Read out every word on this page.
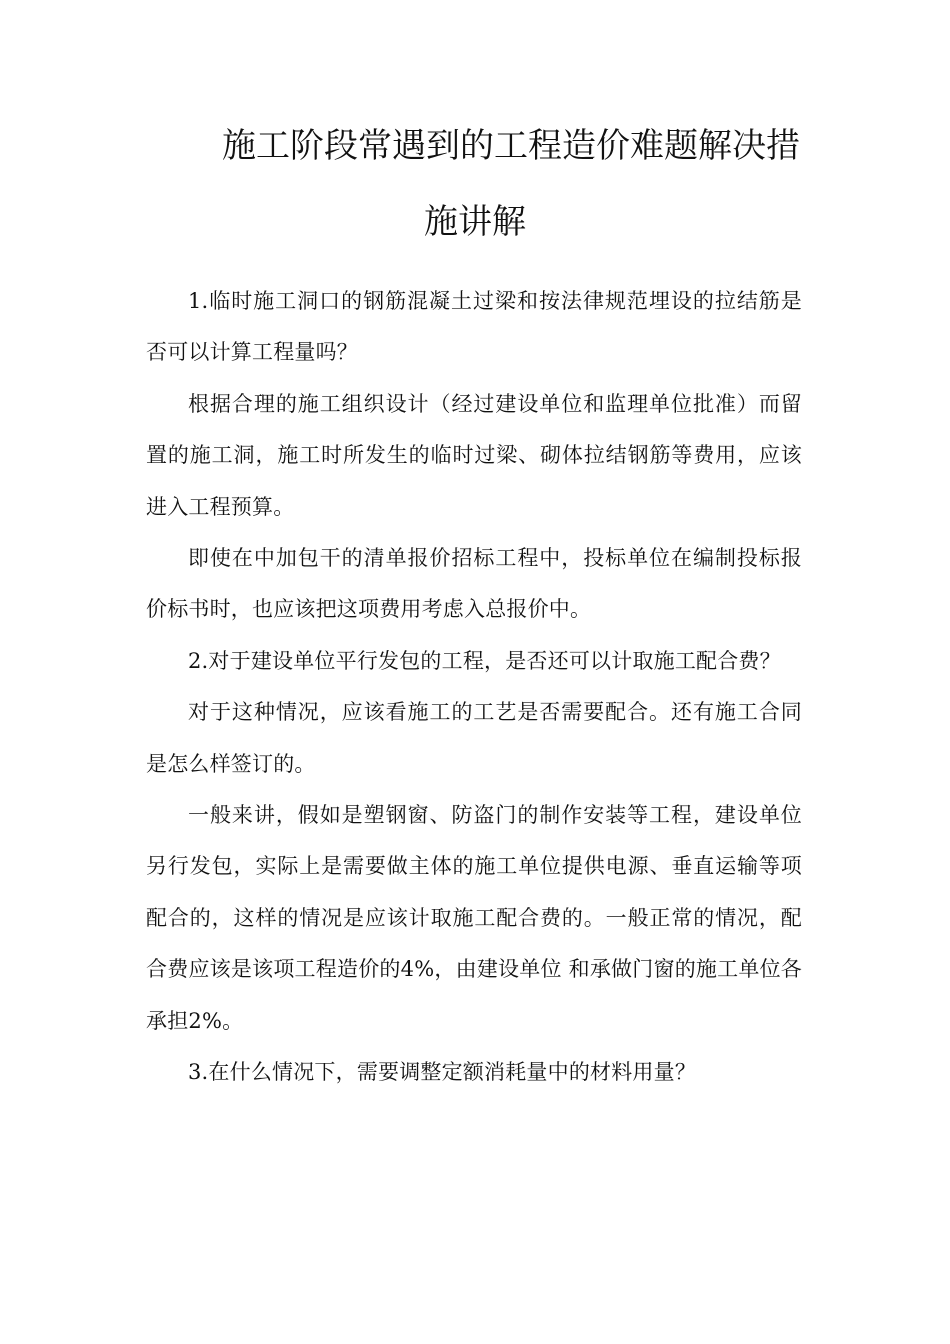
施工阶段常遇到的工程造价难题解决措
施讲解

1.临时施工洞口的钢筋混凝土过梁和按法律规范埋设的拉结筋是否可以计算工程量吗？

根据合理的施工组织设计（经过建设单位和监理单位批准）而留置的施工洞，施工时所发生的临时过梁、砌体拉结钢筋等费用，应该进入工程预算。

即使在中加包干的清单报价招标工程中，投标单位在编制投标报价标书时，也应该把这项费用考虑入总报价中。

2.对于建设单位平行发包的工程，是否还可以计取施工配合费？

对于这种情况，应该看施工的工艺是否需要配合。还有施工合同是怎么样签订的。

一般来讲，假如是塑钢窗、防盗门的制作安装等工程，建设单位另行发包，实际上是需要做主体的施工单位提供电源、垂直运输等项配合的，这样的情况是应该计取施工配合费的。一般正常的情况，配合费应该是该项工程造价的4%，由建设单位 和承做门窗的施工单位各承担2%。

3.在什么情况下，需要调整定额消耗量中的材料用量？
